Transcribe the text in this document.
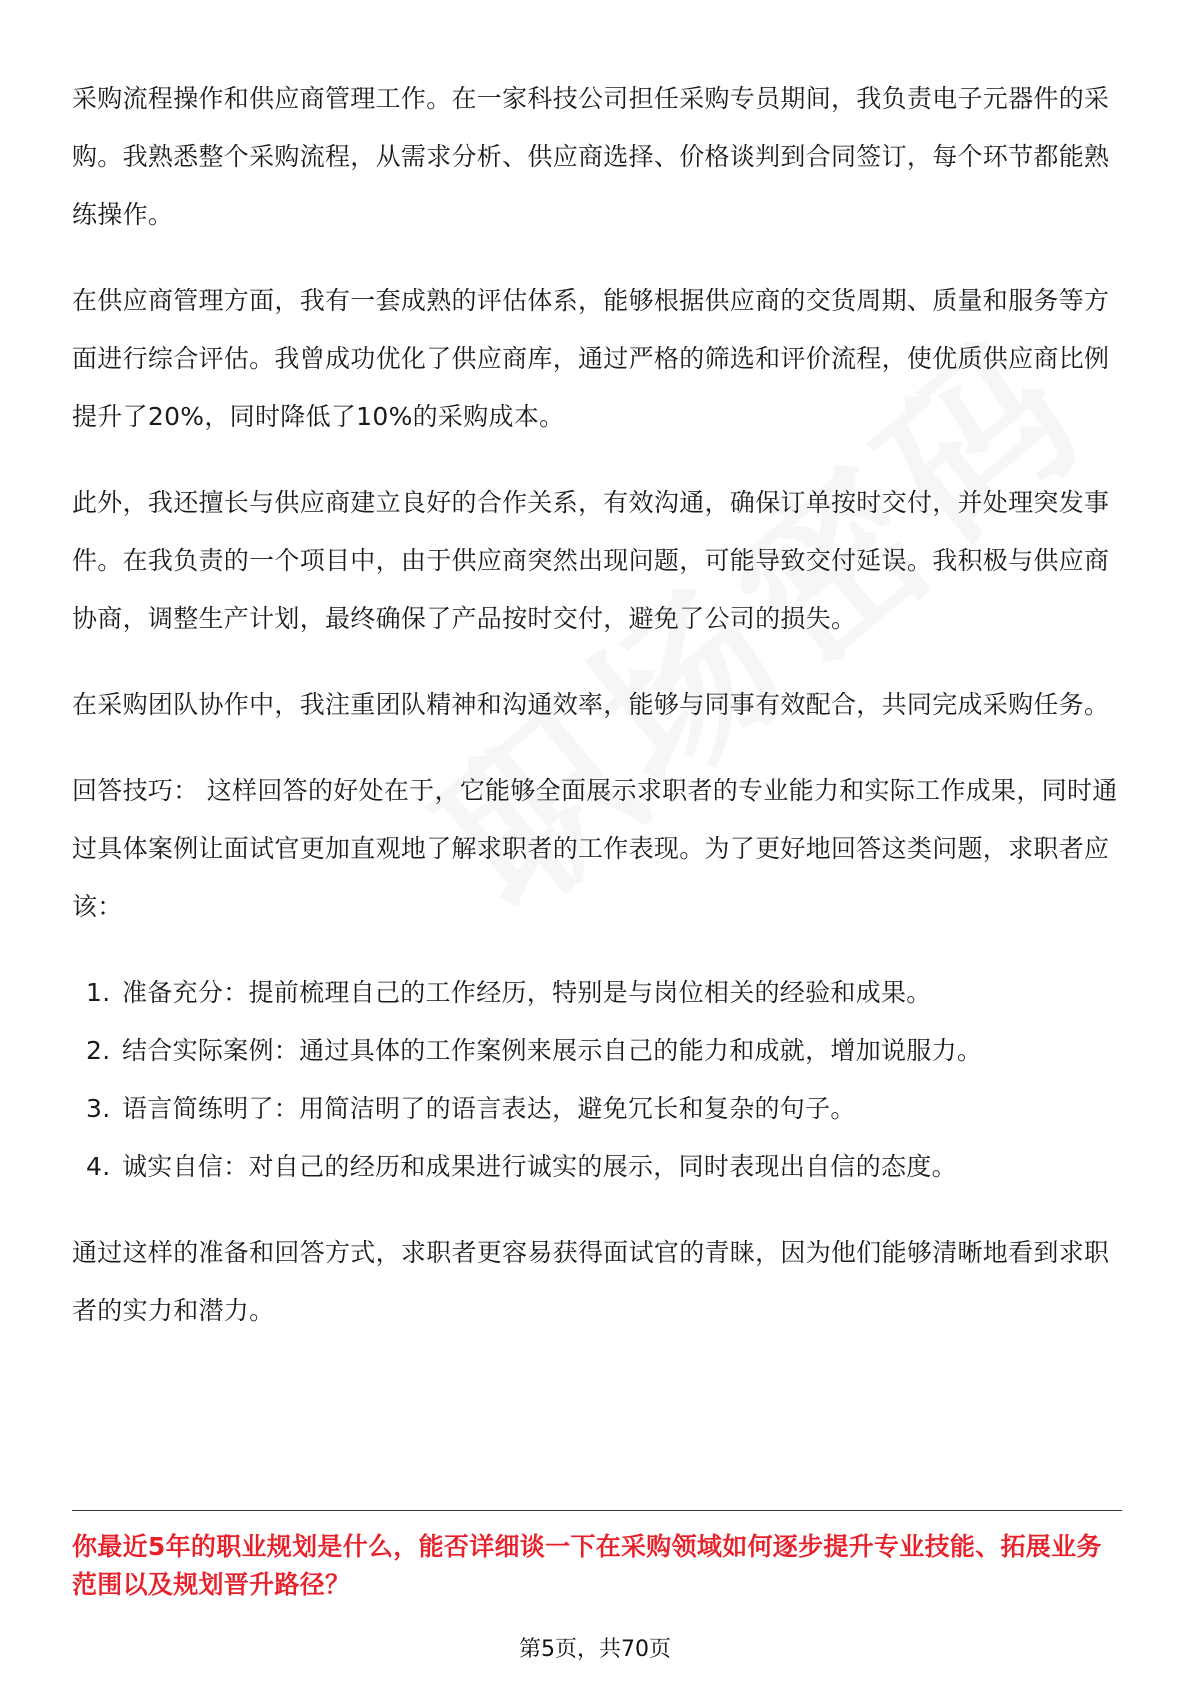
采购流程操作和供应商管理工作。在一家科技公司担任采购专员期间，我负责电子元器件的采购。我熟悉整个采购流程，从需求分析、供应商选择、价格谈判到合同签订，每个环节都能熟练操作。

在供应商管理方面，我有一套成熟的评估体系，能够根据供应商的交货周期、质量和服务等方面进行综合评估。我曾成功优化了供应商库，通过严格的筛选和评价流程，使优质供应商比例提升了20%，同时降低了10%的采购成本。

此外，我还擅长与供应商建立良好的合作关系，有效沟通，确保订单按时交付，并处理突发事件。在我负责的一个项目中，由于供应商突然出现问题，可能导致交付延误。我积极与供应商协商，调整生产计划，最终确保了产品按时交付，避免了公司的损失。

在采购团队协作中，我注重团队精神和沟通效率，能够与同事有效配合，共同完成采购任务。

回答技巧： 这样回答的好处在于，它能够全面展示求职者的专业能力和实际工作成果，同时通过具体案例让面试官更加直观地了解求职者的工作表现。为了更好地回答这类问题，求职者应该：

1. 准备充分：提前梳理自己的工作经历，特别是与岗位相关的经验和成果。
2. 结合实际案例：通过具体的工作案例来展示自己的能力和成就，增加说服力。
3. 语言简练明了：用简洁明了的语言表达，避免冗长和复杂的句子。
4. 诚实自信：对自己的经历和成果进行诚实的展示，同时表现出自信的态度。

通过这样的准备和回答方式，求职者更容易获得面试官的青睐，因为他们能够清晰地看到求职者的实力和潜力。

你最近5年的职业规划是什么，能否详细谈一下在采购领域如何逐步提升专业技能、拓展业务范围以及规划晋升路径？
第5页，共70页
